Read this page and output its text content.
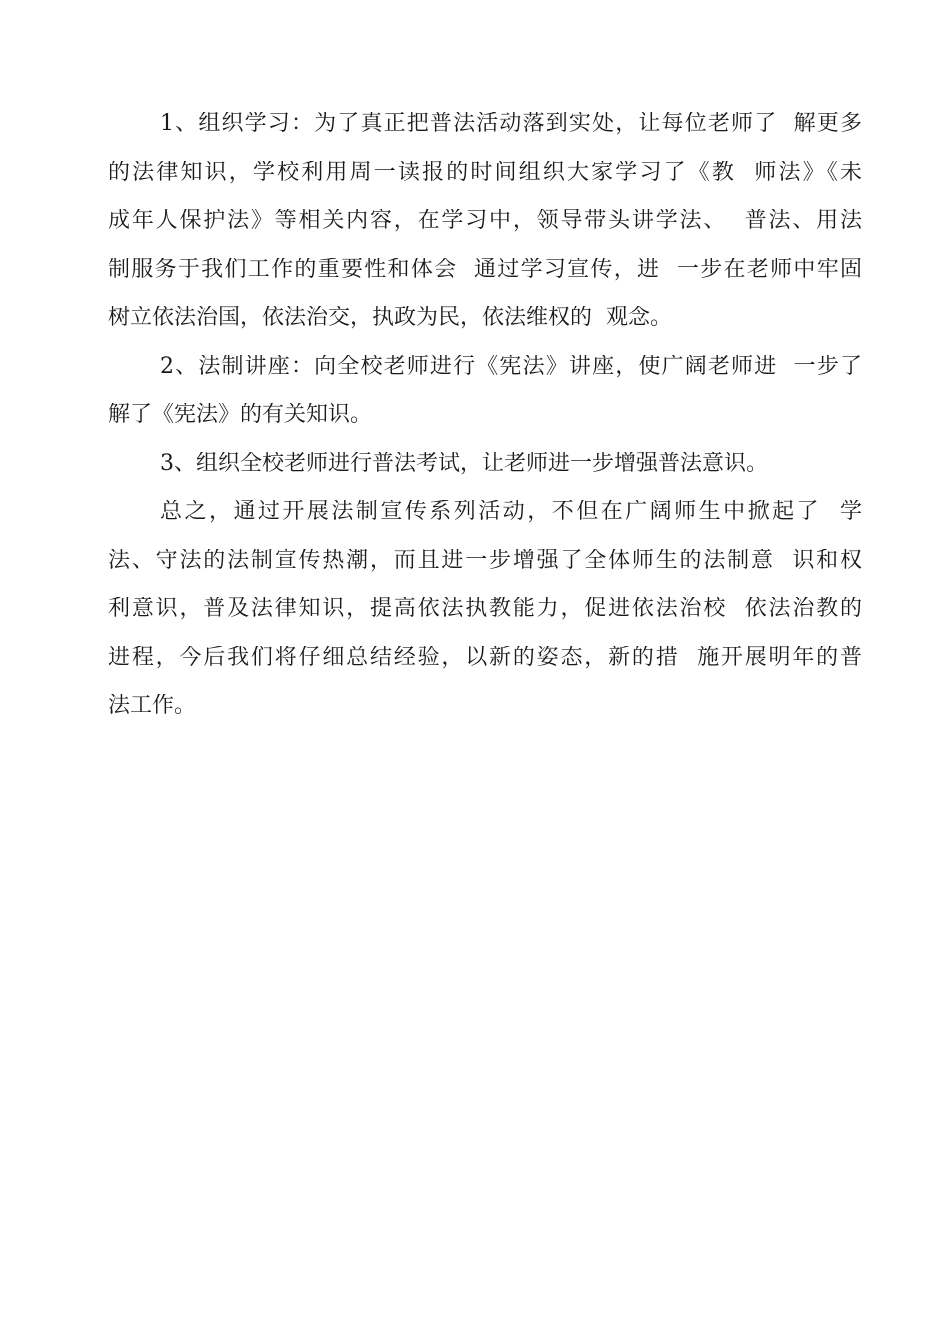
1、组织学习：为了真正把普法活动落到实处，让每位老师了  解更多
的法律知识，学校利用周一读报的时间组织大家学习了《教  师法》《未
成年人保护法》等相关内容，在学习中，领导带头讲学法、  普法、用法
制服务于我们工作的重要性和体会  通过学习宣传，进  一步在老师中牢固
树立依法治国，依法治交，执政为民，依法维权的  观念。
2、法制讲座：向全校老师进行《宪法》讲座，使广阔老师进  一步了
解了《宪法》的有关知识。
3、组织全校老师进行普法考试，让老师进一步增强普法意识。
总之，通过开展法制宣传系列活动，不但在广阔师生中掀起了  学
法、守法的法制宣传热潮，而且进一步增强了全体师生的法制意  识和权
利意识，普及法律知识，提高依法执教能力，促进依法治校  依法治教的
进程，今后我们将仔细总结经验，以新的姿态，新的措  施开展明年的普
法工作。
